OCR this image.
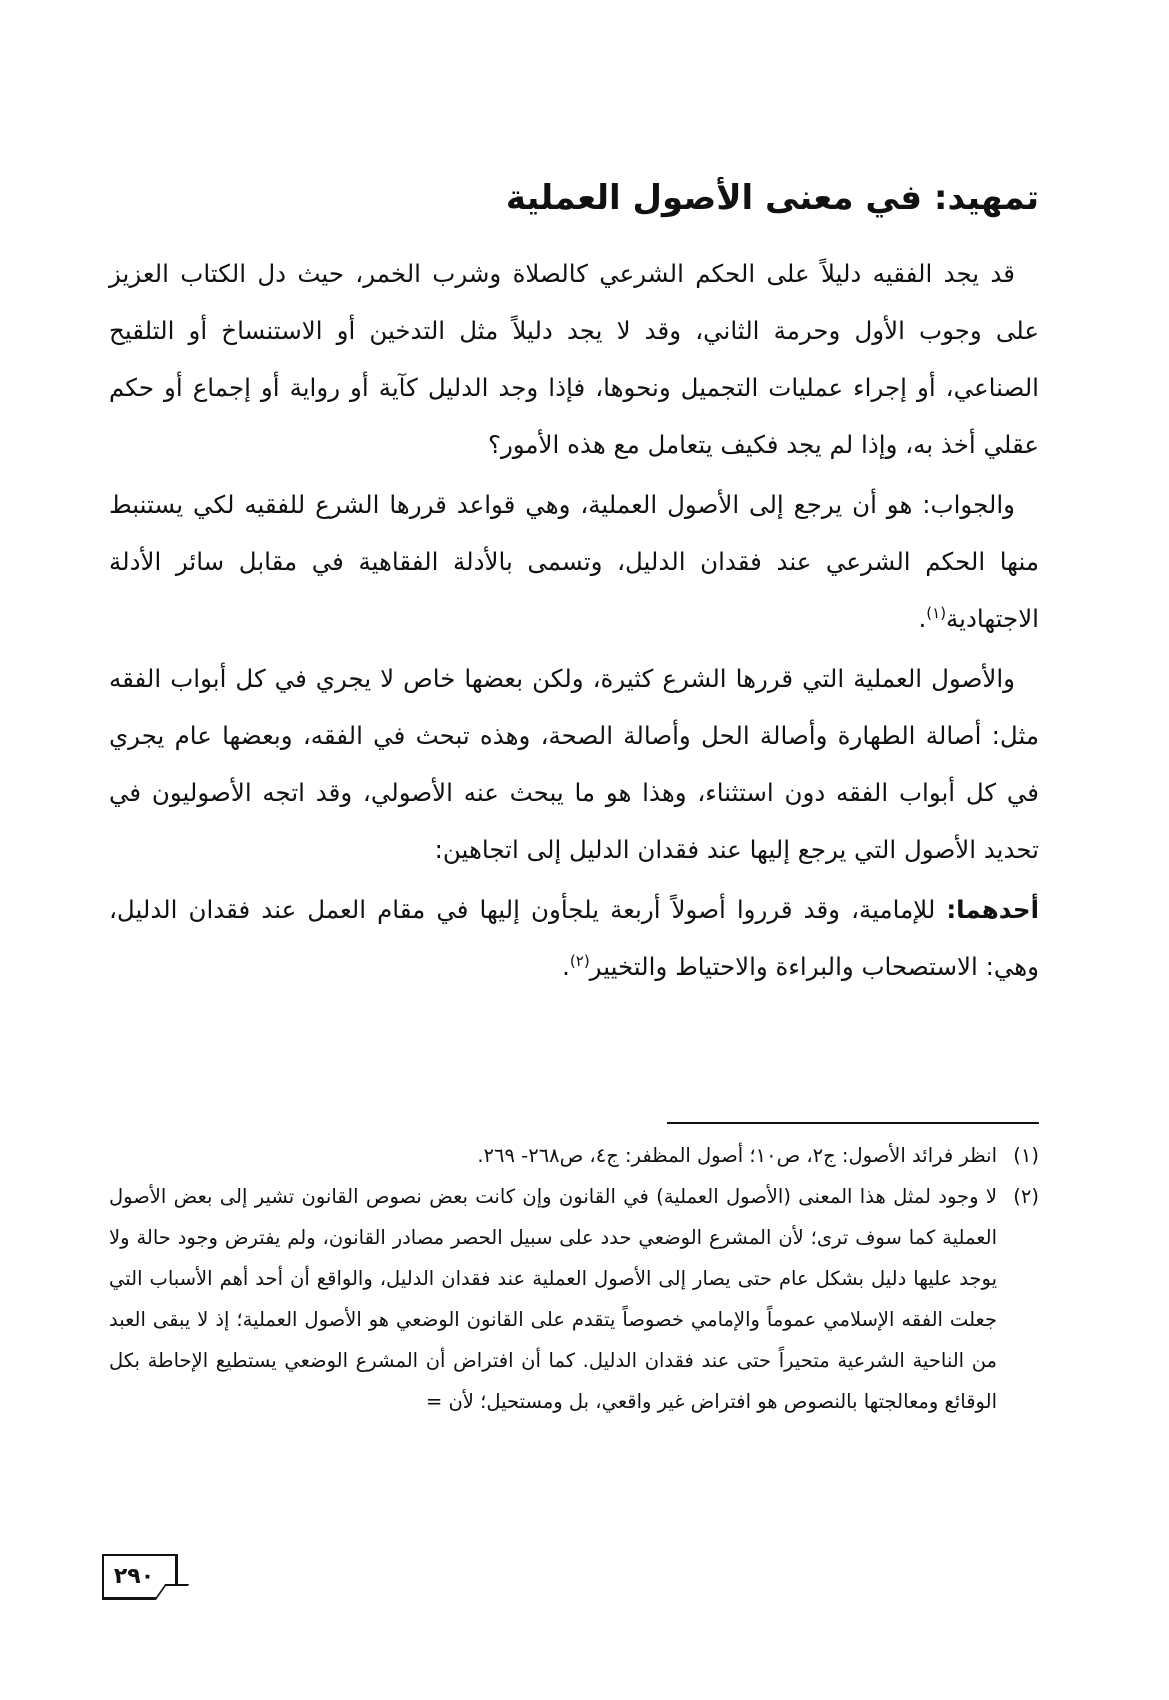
تمهيد: في معنى الأصول العملية

قد يجد الفقيه دليلاً على الحكم الشرعي كالصلاة وشرب الخمر، حيث دل الكتاب العزيز على وجوب الأول وحرمة الثاني، وقد لا يجد دليلاً مثل التدخين أو الاستنساخ أو التلقيح الصناعي، أو إجراء عمليات التجميل ونحوها، فإذا وجد الدليل كآية أو رواية أو إجماع أو حكم عقلي أخذ به، وإذا لم يجد فكيف يتعامل مع هذه الأمور؟

والجواب: هو أن يرجع إلى الأصول العملية، وهي قواعد قررها الشرع للفقيه لكي يستنبط منها الحكم الشرعي عند فقدان الدليل، وتسمى بالأدلة الفقاهية في مقابل سائر الأدلة الاجتهادية$^{(١)}$.

والأصول العملية التي قررها الشرع كثيرة، ولكن بعضها خاص لا يجري في كل أبواب الفقه مثل: أصالة الطهارة وأصالة الحل وأصالة الصحة، وهذه تبحث في الفقه، وبعضها عام يجري في كل أبواب الفقه دون استثناء، وهذا هو ما يبحث عنه الأصولي، وقد اتجه الأصوليون في تحديد الأصول التي يرجع إليها عند فقدان الدليل إلى اتجاهين:

أحدهما: للإمامية، وقد قرروا أصولاً أربعة يلجأون إليها في مقام العمل عند فقدان الدليل، وهي: الاستصحاب والبراءة والاحتياط والتخيير$^{(٢)}$.

(١)
انظر فرائد الأصول: ج٢، ص١٠؛ أصول المظفر: ج٤، ص٢٦٨- ٢٦٩.

(٢)
لا وجود لمثل هذا المعنى (الأصول العملية) في القانون وإن كانت بعض نصوص القانون تشير إلى بعض الأصول العملية كما سوف ترى؛ لأن المشرع الوضعي حدد على سبيل الحصر مصادر القانون، ولم يفترض وجود حالة ولا يوجد عليها دليل بشكل عام حتى يصار إلى الأصول العملية عند فقدان الدليل، والواقع أن أحد أهم الأسباب التي جعلت الفقه الإسلامي عموماً والإمامي خصوصاً يتقدم على القانون الوضعي هو الأصول العملية؛ إذ لا يبقى العبد من الناحية الشرعية متحيراً حتى عند فقدان الدليل. كما أن افتراض أن المشرع الوضعي يستطيع الإحاطة بكل الوقائع ومعالجتها بالنصوص هو افتراض غير واقعي، بل ومستحيل؛ لأن =

٢٩٠
